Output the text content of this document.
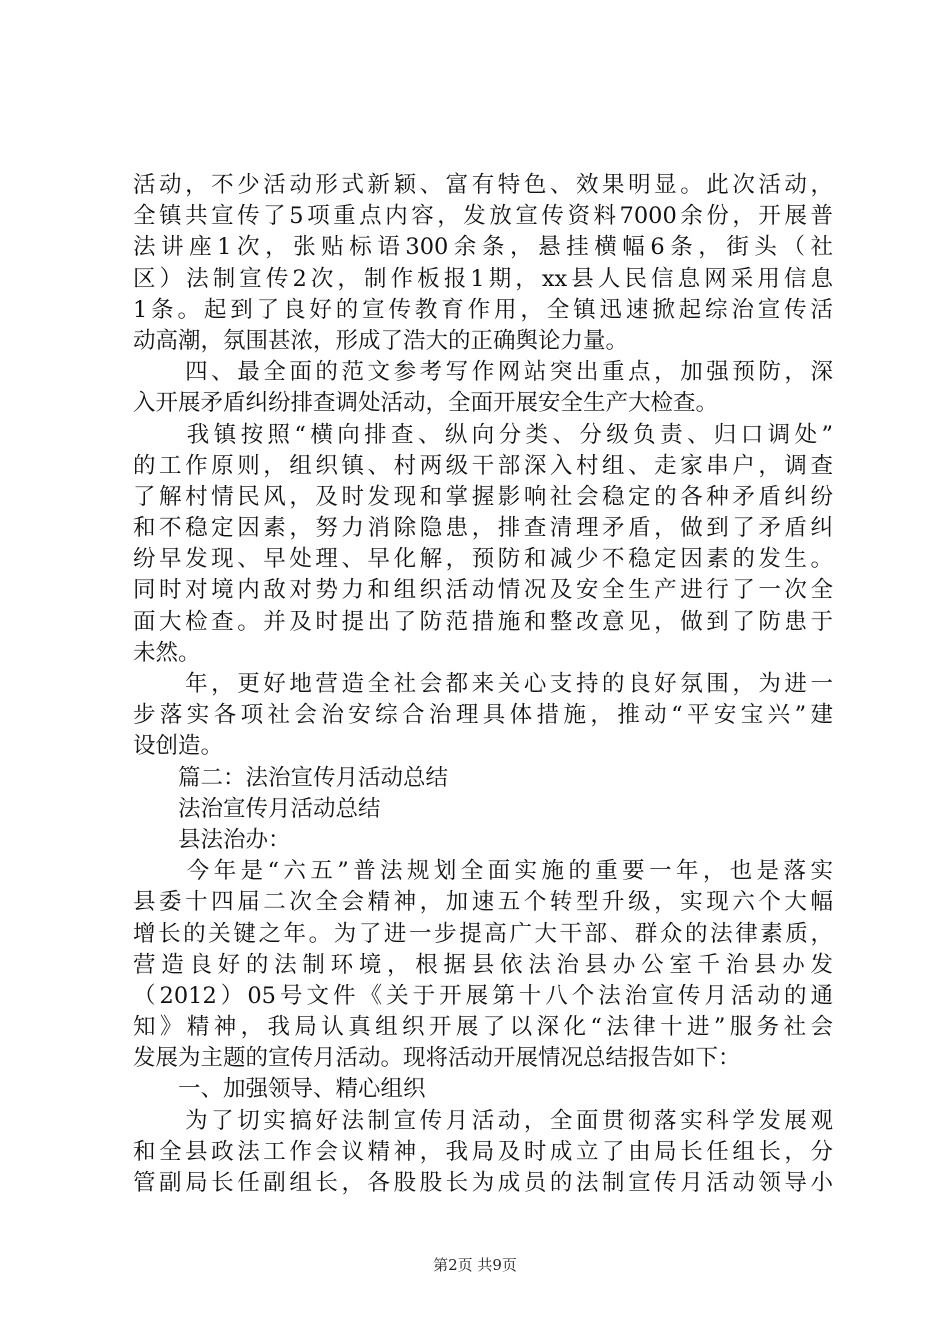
活动，不少活动形式新颖、富有特色、效果明显。此次活动，
全镇共宣传了5项重点内容，发放宣传资料7000余份，开展普
法讲座1次，张贴标语300余条，悬挂横幅6条，街头（社
区）法制宣传2次，制作板报1期，xx县人民信息网采用信息
1条。起到了良好的宣传教育作用，全镇迅速掀起综治宣传活
动高潮，氛围甚浓，形成了浩大的正确舆论力量。
　　四、最全面的范文参考写作网站突出重点，加强预防，深
入开展矛盾纠纷排查调处活动，全面开展安全生产大检查。
　　我镇按照“横向排查、纵向分类、分级负责、归口调处”
的工作原则，组织镇、村两级干部深入村组、走家串户，调查
了解村情民风，及时发现和掌握影响社会稳定的各种矛盾纠纷
和不稳定因素，努力消除隐患，排查清理矛盾，做到了矛盾纠
纷早发现、早处理、早化解，预防和减少不稳定因素的发生。
同时对境内敌对势力和组织活动情况及安全生产进行了一次全
面大检查。并及时提出了防范措施和整改意见，做到了防患于
未然。
　　年，更好地营造全社会都来关心支持的良好氛围，为进一
步落实各项社会治安综合治理具体措施，推动“平安宝兴”建
设创造。
　　篇二：法治宣传月活动总结
　　法治宣传月活动总结
　　县法治办：
　　今年是“六五”普法规划全面实施的重要一年，也是落实
县委十四届二次全会精神，加速五个转型升级，实现六个大幅
增长的关键之年。为了进一步提高广大干部、群众的法律素质，
营造良好的法制环境，根据县依法治县办公室千治县办发
（2012）05号文件《关于开展第十八个法治宣传月活动的通
知》精神，我局认真组织开展了以深化“法律十进”服务社会
发展为主题的宣传月活动。现将活动开展情况总结报告如下：
　　一、加强领导、精心组织
　　为了切实搞好法制宣传月活动，全面贯彻落实科学发展观
和全县政法工作会议精神，我局及时成立了由局长任组长，分
管副局长任副组长，各股股长为成员的法制宣传月活动领导小
第2页 共9页
